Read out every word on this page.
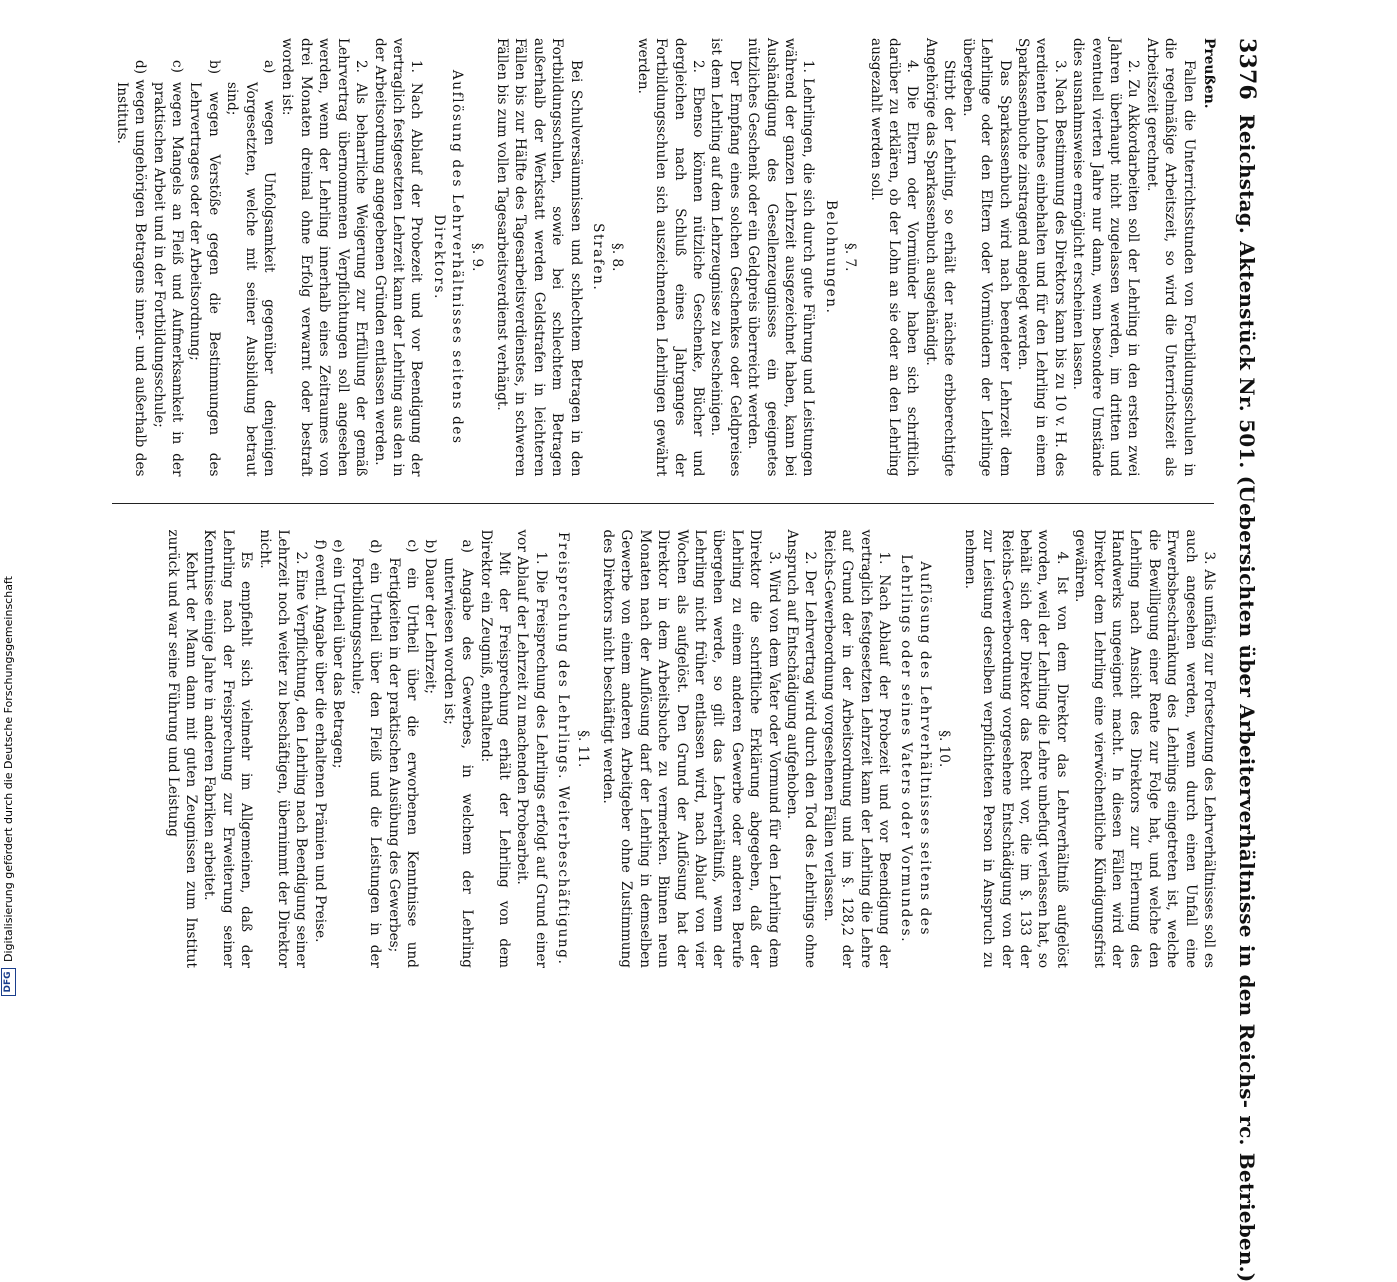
3376
Reichstag. Aktenstück Nr. 501. (Uebersichten über Arbeiterverhältnisse in den Reichs- rc. Betrieben.)
Preußen.

Fallen die Unterrichtsstunden von Fortbildungsschulen in die regelmäßige Arbeitszeit, so wird die Unterrichtszeit als Arbeitszeit gerechnet.

2. Zu Akkordarbeiten soll der Lehrling in den ersten zwei Jahren überhaupt nicht zugelassen werden, im dritten und eventuell vierten Jahre nur dann, wenn besondere Umstände dies ausnahmsweise ermöglicht erscheinen lassen.

3. Nach Bestimmung des Direktors kann bis zu 10 v. H. des verdienten Lohnes einbehalten und für den Lehrling in einem Sparkassenbuche zinstragend angelegt werden.

Das Sparkassenbuch wird nach beendeter Lehrzeit dem Lehrlinge oder den Eltern oder Vormündern der Lehrlinge übergeben.

Stirbt der Lehrling, so erhält der nächste erbberechtigte Angehörige das Sparkassenbuch ausgehändigt.

4. Die Eltern oder Vormünder haben sich schriftlich darüber zu erklären, ob der Lohn an sie oder an den Lehrling ausgezahlt werden soll.

§. 7.

Belohnungen.

1. Lehrlingen, die sich durch gute Führung und Leistungen während der ganzen Lehrzeit ausgezeichnet haben, kann bei Aushändigung des Gesellenzeugnisses ein geeignetes nützliches Geschenk oder ein Geldpreis überreicht werden.

Der Empfang eines solchen Geschenkes oder Geldpreises ist dem Lehrling auf dem Lehrzeugnisse zu bescheinigen.

2. Ebenso können nützliche Geschenke, Bücher und dergleichen nach Schluß eines Jahrganges der Fortbildungsschulen sich auszeichnenden Lehrlingen gewährt werden.

§. 8.

Strafen.

Bei Schulversäumnissen und schlechtem Betragen in den Fortbildungsschulen, sowie bei schlechtem Betragen außerhalb der Werkstatt werden Geldstrafen in leichteren Fällen bis zur Hälfte des Tagesarbeitsverdienstes, in schweren Fällen bis zum vollen Tagesarbeitsverdienst verhängt.

§. 9.

Auflösung des Lehrverhältnisses seitens des Direktors.

1. Nach Ablauf der Probezeit und vor Beendigung der vertraglich festgesetzten Lehrzeit kann der Lehrling aus den in der Arbeitsordnung angegebenen Gründen entlassen werden.

2. Als beharrliche Weigerung zur Erfüllung der gemäß Lehrvertrag übernommenen Verpflichtungen soll angesehen werden, wenn der Lehrling innerhalb eines Zeitraumes von drei Monaten dreimal ohne Erfolg verwarnt oder bestraft worden ist:

a) wegen Unfolgsamkeit gegenüber denjenigen Vorgesetzten, welche mit seiner Ausbildung betraut sind;

b) wegen Verstöße gegen die Bestimmungen des Lehrvertrages oder der Arbeitsordnung;

c) wegen Mangels an Fleiß und Aufmerksamkeit in der praktischen Arbeit und in der Fortbildungsschule;

d) wegen ungehörigen Betragens inner- und außerhalb des Instituts.

3. Als unfähig zur Fortsetzung des Lehrverhältnisses soll es auch angesehen werden, wenn durch einen Unfall eine Erwerbsbeschränkung des Lehrlings eingetreten ist, welche die Bewilligung einer Rente zur Folge hat, und welche den Lehrling nach Ansicht des Direktors zur Erlernung des Handwerks ungeeignet macht. In diesen Fällen wird der Direktor dem Lehrling eine vierwöchentliche Kündigungsfrist gewähren.

4. Ist von dem Direktor das Lehrverhältniß aufgelöst worden, weil der Lehrling die Lehre unbefugt verlassen hat, so behält sich der Direktor das Recht vor, die im §. 133 der Reichs-Gewerbeordnung vorgesehene Entschädigung von der zur Leistung derselben verpflichteten Person in Anspruch zu nehmen.

§. 10.

Auflösung des Lehrverhältnisses seitens des Lehrlings oder seines Vaters oder Vormundes.

1. Nach Ablauf der Probezeit und vor Beendigung der vertraglich festgesetzten Lehrzeit kann der Lehrling die Lehre auf Grund der in der Arbeitsordnung und im §. 128,2 der Reichs-Gewerbeordnung vorgesehenen Fällen verlassen.

2. Der Lehrvertrag wird durch den Tod des Lehrlings ohne Anspruch auf Entschädigung aufgehoben.

3. Wird von dem Vater oder Vormund für den Lehrling dem Direktor die schriftliche Erklärung abgegeben, daß der Lehrling zu einem anderen Gewerbe oder anderen Berufe übergehen werde, so gilt das Lehrverhältniß, wenn der Lehrling nicht früher entlassen wird, nach Ablauf von vier Wochen als aufgelöst. Den Grund der Auflösung hat der Direktor in dem Arbeitsbuche zu vermerken. Binnen neun Monaten nach der Auflösung darf der Lehrling in demselben Gewerbe von einem anderen Arbeitgeber ohne Zustimmung des Direktors nicht beschäftigt werden.

§. 11.

Freisprechung des Lehrlings. Weiterbeschäftigung.

1. Die Freisprechung des Lehrlings erfolgt auf Grund einer vor Ablauf der Lehrzeit zu machenden Probearbeit.

Mit der Freisprechung erhält der Lehrling von dem Direktor ein Zeugniß, enthaltend:

a) Angabe des Gewerbes, in welchem der Lehrling unterwiesen worden ist;

b) Dauer der Lehrzeit;

c) ein Urtheil über die erworbenen Kenntnisse und Fertigkeiten in der praktischen Ausübung des Gewerbes;

d) ein Urtheil über den Fleiß und die Leistungen in der Fortbildungsschule;

e) ein Urtheil über das Betragen;

f) eventl. Angabe über die erhaltenen Prämien und Preise.

2. Eine Verpflichtung, den Lehrling nach Beendigung seiner Lehrzeit noch weiter zu beschäftigen, übernimmt der Direktor nicht.

Es empfiehlt sich vielmehr im Allgemeinen, daß der Lehrling nach der Freisprechung zur Erweiterung seiner Kenntnisse einige Jahre in anderen Fabriken arbeitet.

Kehrt der Mann dann mit guten Zeugnissen zum Institut zurück und war seine Führung und Leistung

DFG
Digitalisierung gefördert durch die Deutsche Forschungsgemeinschaft
